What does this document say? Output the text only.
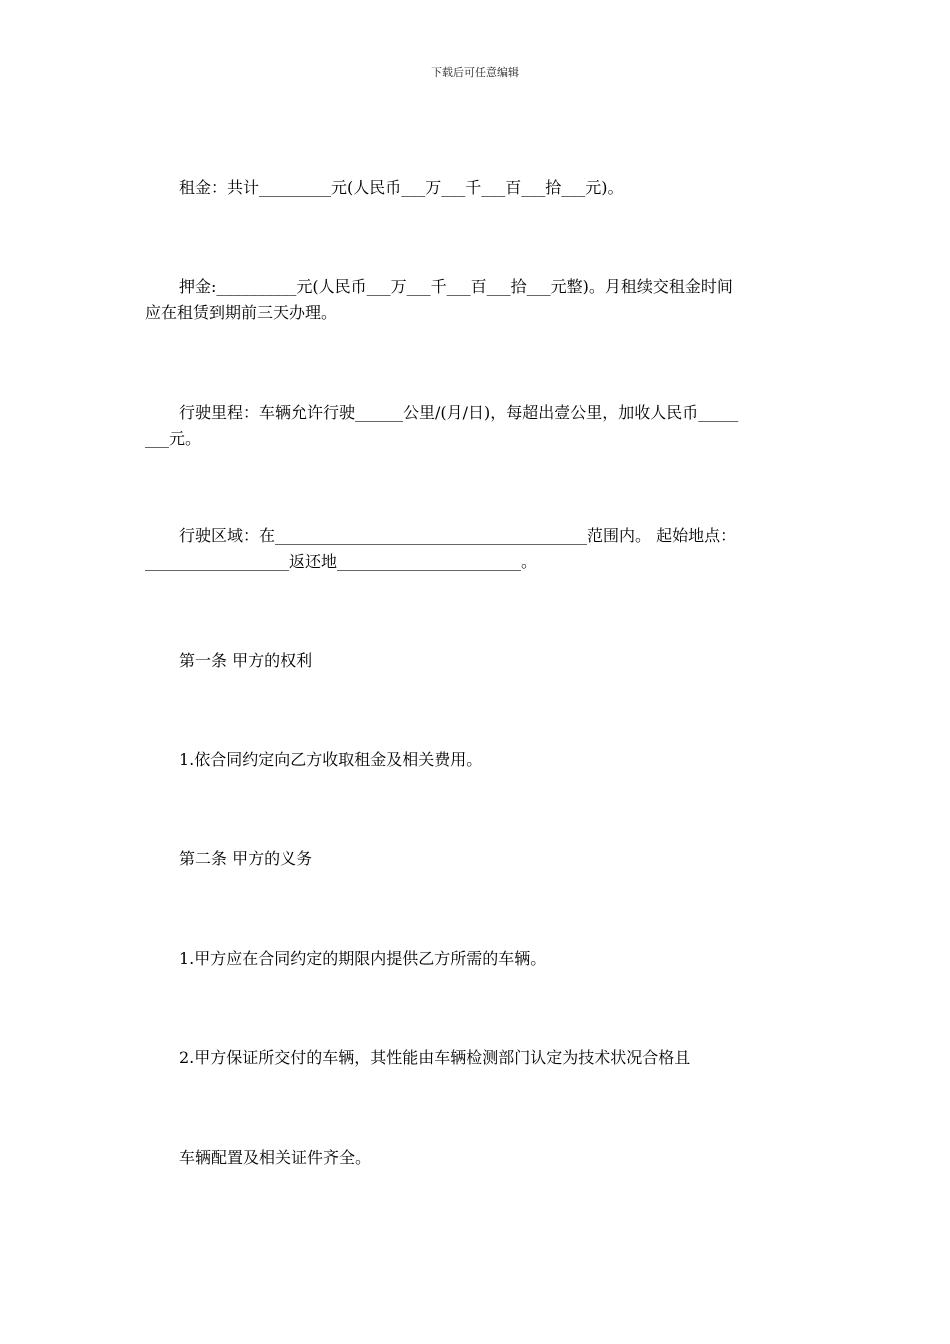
下载后可任意编辑
租金：共计_________元(人民币___万___千___百___拾___元)。
押金:__________元(人民币___万___千___百___拾___元整)。月租续交租金时间
应在租赁到期前三天办理。
行驶里程：车辆允许行驶______公里/(月/日)，每超出壹公里，加收人民币_____
___元。
行驶区域：在_______________________________________范围内。 起始地点：
__________________返还地_______________________。
第一条 甲方的权利
1.依合同约定向乙方收取租金及相关费用。
第二条 甲方的义务
1.甲方应在合同约定的期限内提供乙方所需的车辆。
2.甲方保证所交付的车辆，其性能由车辆检测部门认定为技术状况合格且
车辆配置及相关证件齐全。
